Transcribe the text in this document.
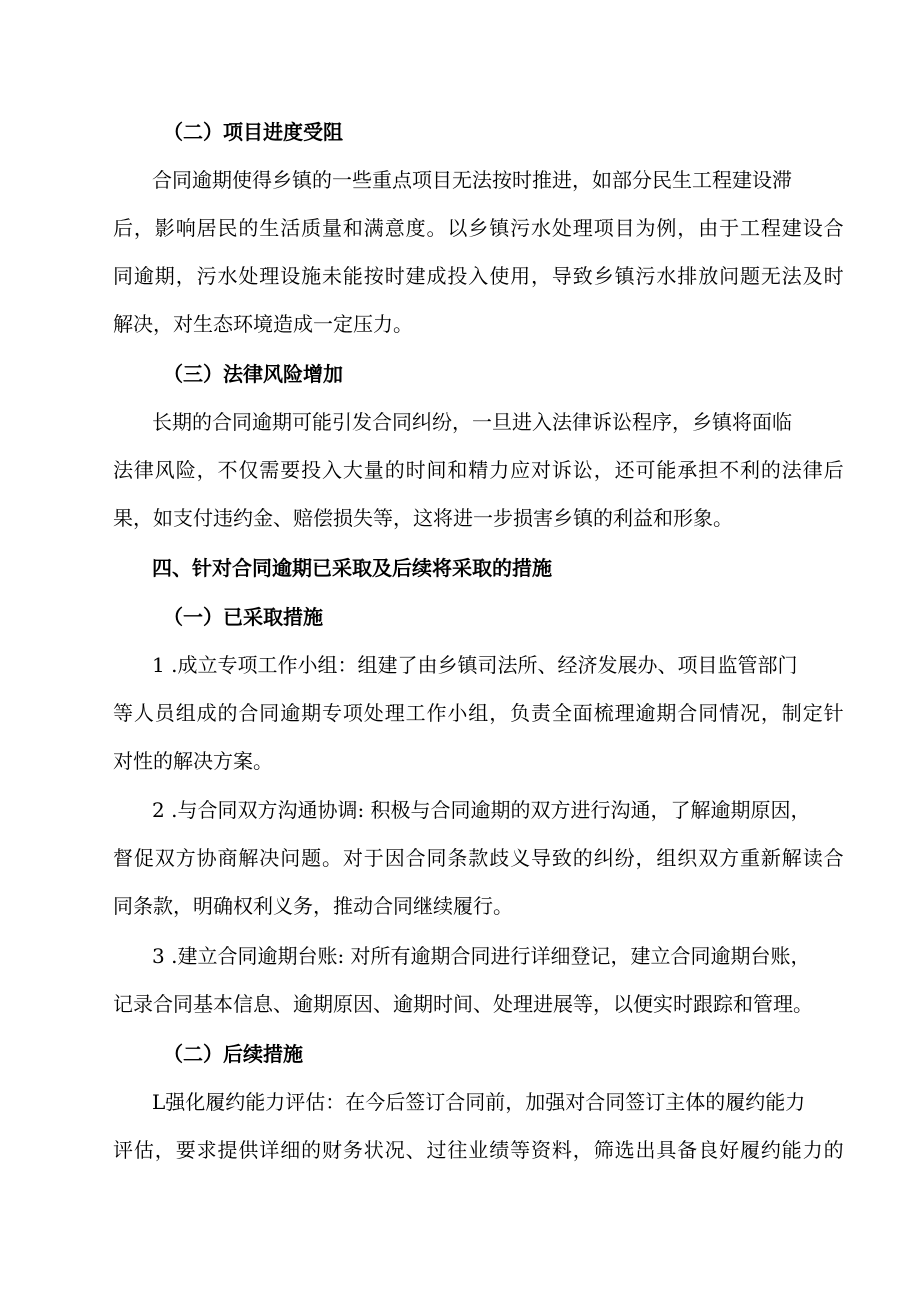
（二）项目进度受阻
合同逾期使得乡镇的一些重点项目无法按时推进，如部分民生工程建设滞
后，影响居民的生活质量和满意度。以乡镇污水处理项目为例，由于工程建设合
同逾期，污水处理设施未能按时建成投入使用，导致乡镇污水排放问题无法及时
解决，对生态环境造成一定压力。
（三）法律风险增加
长期的合同逾期可能引发合同纠纷，一旦进入法律诉讼程序，乡镇将面临
法律风险，不仅需要投入大量的时间和精力应对诉讼，还可能承担不利的法律后
果，如支付违约金、赔偿损失等，这将进一步损害乡镇的利益和形象。
四、针对合同逾期已采取及后续将采取的措施
（一）已采取措施
1 .成立专项工作小组：组建了由乡镇司法所、经济发展办、项目监管部门
等人员组成的合同逾期专项处理工作小组，负责全面梳理逾期合同情况，制定针
对性的解决方案。
2 .与合同双方沟通协调: 积极与合同逾期的双方进行沟通，了解逾期原因，
督促双方协商解决问题。对于因合同条款歧义导致的纠纷，组织双方重新解读合
同条款，明确权利义务，推动合同继续履行。
3 .建立合同逾期台账: 对所有逾期合同进行详细登记，建立合同逾期台账，
记录合同基本信息、逾期原因、逾期时间、处理进展等，以便实时跟踪和管理。
（二）后续措施
L强化履约能力评估：在今后签订合同前，加强对合同签订主体的履约能力
评估，要求提供详细的财务状况、过往业绩等资料，筛选出具备良好履约能力的
